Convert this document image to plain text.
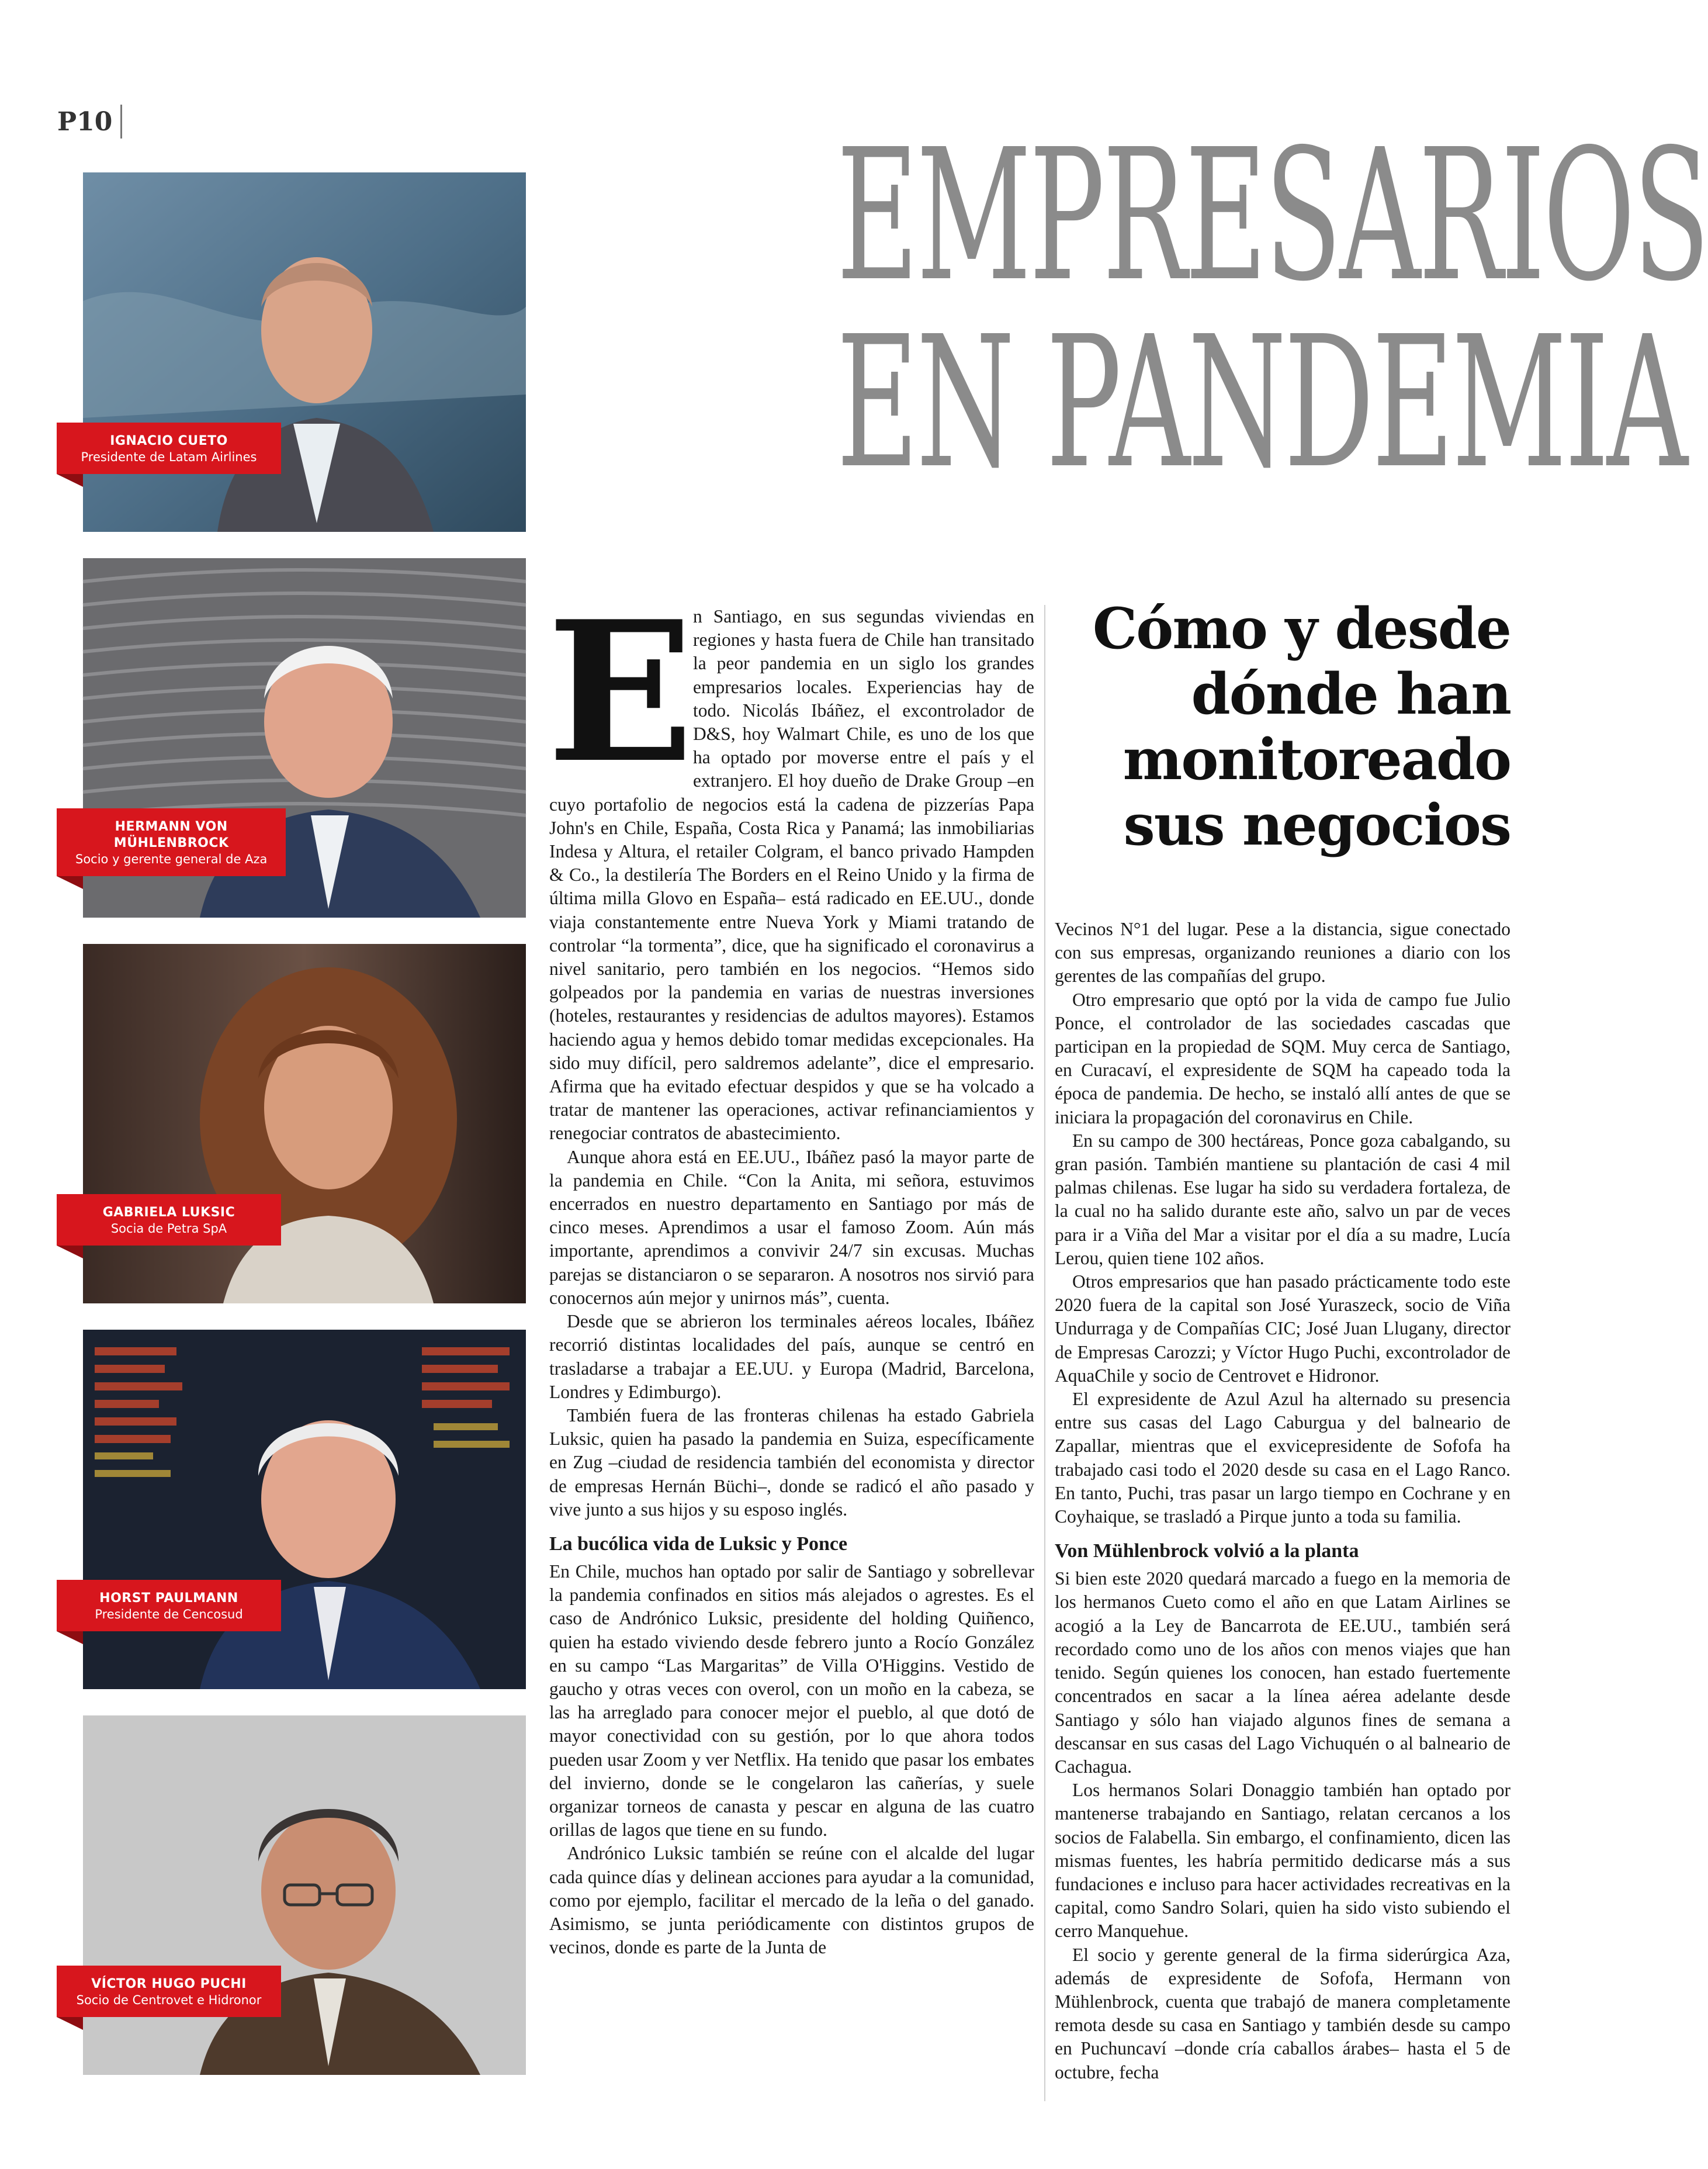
P10
IGNACIO CUETO
Presidente de Latam Airlines
HERMANN VON
MÜHLENBROCK
Socio y gerente general de Aza
GABRIELA LUKSIC
Socia de Petra SpA
HORST PAULMANN
Presidente de Cencosud
VÍCTOR HUGO PUCHI
Socio de Centrovet e Hidronor
EMPRESARIOS
EN PANDEMIA
Cómo y desde
dónde han
monitoreado
sus negocios
E

n Santiago, en sus segundas viviendas en regiones y hasta fuera de Chile han transitado la peor pandemia en un siglo los grandes empresarios locales. Experiencias hay de todo. Nicolás Ibáñez, el excontrolador de D&S, hoy Walmart Chile, es uno de los que ha optado por moverse entre el país y el extranjero. El hoy dueño de Drake Group –en cuyo portafolio de negocios está la cadena de pizzerías Papa John's en Chile, España, Costa Rica y Panamá; las inmobiliarias Indesa y Altura, el retailer Colgram, el banco privado Hampden & Co., la destilería The Borders en el Reino Unido y la firma de última milla Glovo en España– está radicado en EE.UU., donde viaja constantemente entre Nueva York y Miami tratando de controlar “la tormenta”, dice, que ha significado el coronavirus a nivel sanitario, pero también en los negocios. “Hemos sido golpeados por la pandemia en varias de nuestras inversiones (hoteles, restaurantes y residencias de adultos mayores). Estamos haciendo agua y hemos debido tomar medidas excepcionales. Ha sido muy difícil, pero saldremos adelante”, dice el empresario. Afirma que ha evitado efectuar despidos y que se ha volcado a tratar de mantener las operaciones, activar refinanciamientos y renegociar contratos de abastecimiento.

Aunque ahora está en EE.UU., Ibáñez pasó la mayor parte de la pandemia en Chile. “Con la Anita, mi señora, estuvimos encerrados en nuestro departamento en Santiago por más de cinco meses. Aprendimos a usar el famoso Zoom. Aún más importante, aprendimos a convivir 24/7 sin excusas. Muchas parejas se distanciaron o se separaron. A nosotros nos sirvió para conocernos aún mejor y unirnos más”, cuenta.

Desde que se abrieron los terminales aéreos locales, Ibáñez recorrió distintas localidades del país, aunque se centró en trasladarse a trabajar a EE.UU. y Europa (Madrid, Barcelona, Londres y Edimburgo).

También fuera de las fronteras chilenas ha estado Gabriela Luksic, quien ha pasado la pandemia en Suiza, específicamente en Zug –ciudad de residencia también del economista y director de empresas Hernán Büchi–, donde se radicó el año pasado y vive junto a sus hijos y su esposo inglés.

La bucólica vida de Luksic y Ponce

En Chile, muchos han optado por salir de Santiago y sobrellevar la pandemia confinados en sitios más alejados o agrestes. Es el caso de Andrónico Luksic, presidente del holding Quiñenco, quien ha estado viviendo desde febrero junto a Rocío González en su campo “Las Margaritas” de Villa O'Higgins. Vestido de gaucho y otras veces con overol, con un moño en la cabeza, se las ha arreglado para conocer mejor el pueblo, al que dotó de mayor conectividad con su gestión, por lo que ahora todos pueden usar Zoom y ver Netflix. Ha tenido que pasar los embates del invierno, donde se le congelaron las cañerías, y suele organizar torneos de canasta y pescar en alguna de las cuatro orillas de lagos que tiene en su fundo.

Andrónico Luksic también se reúne con el alcalde del lugar cada quince días y delinean acciones para ayudar a la comunidad, como por ejemplo, facilitar el mercado de la leña o del ganado. Asimismo, se junta periódicamente con distintos grupos de vecinos, donde es parte de la Junta de

Vecinos N°1 del lugar. Pese a la distancia, sigue conectado con sus empresas, organizando reuniones a diario con los gerentes de las compañías del grupo.

Otro empresario que optó por la vida de campo fue Julio Ponce, el controlador de las sociedades cascadas que participan en la propiedad de SQM. Muy cerca de Santiago, en Curacaví, el expresidente de SQM ha capeado toda la época de pandemia. De hecho, se instaló allí antes de que se iniciara la propagación del coronavirus en Chile.

En su campo de 300 hectáreas, Ponce goza cabalgando, su gran pasión. También mantiene su plantación de casi 4 mil palmas chilenas. Ese lugar ha sido su verdadera fortaleza, de la cual no ha salido durante este año, salvo un par de veces para ir a Viña del Mar a visitar por el día a su madre, Lucía Lerou, quien tiene 102 años.

Otros empresarios que han pasado prácticamente todo este 2020 fuera de la capital son José Yuraszeck, socio de Viña Undurraga y de Compañías CIC; José Juan Llugany, director de Empresas Carozzi; y Víctor Hugo Puchi, excontrolador de AquaChile y socio de Centrovet e Hidronor.

El expresidente de Azul Azul ha alternado su presencia entre sus casas del Lago Caburgua y del balneario de Zapallar, mientras que el exvicepresidente de Sofofa ha trabajado casi todo el 2020 desde su casa en el Lago Ranco. En tanto, Puchi, tras pasar un largo tiempo en Cochrane y en Coyhaique, se trasladó a Pirque junto a toda su familia.

Von Mühlenbrock volvió a la planta

Si bien este 2020 quedará marcado a fuego en la memoria de los hermanos Cueto como el año en que Latam Airlines se acogió a la Ley de Bancarrota de EE.UU., también será recordado como uno de los años con menos viajes que han tenido. Según quienes los conocen, han estado fuertemente concentrados en sacar a la línea aérea adelante desde Santiago y sólo han viajado algunos fines de semana a descansar en sus casas del Lago Vichuquén o al balneario de Cachagua.

Los hermanos Solari Donaggio también han optado por mantenerse trabajando en Santiago, relatan cercanos a los socios de Falabella. Sin embargo, el confinamiento, dicen las mismas fuentes, les habría permitido dedicarse más a sus fundaciones e incluso para hacer actividades recreativas en la capital, como Sandro Solari, quien ha sido visto subiendo el cerro Manquehue.

El socio y gerente general de la firma siderúrgica Aza, además de expresidente de Sofofa, Hermann von Mühlenbrock, cuenta que trabajó de manera completamente remota desde su casa en Santiago y también desde su campo en Puchuncaví –donde cría caballos árabes– hasta el 5 de octubre, fecha
